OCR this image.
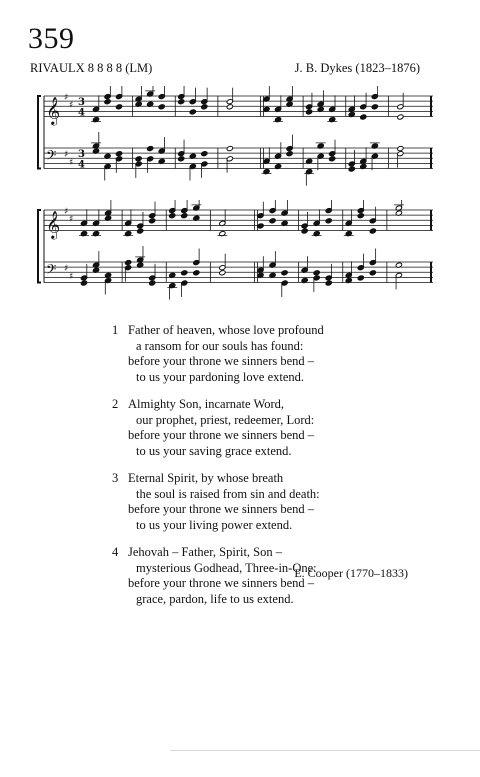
359
RIVAULX 8 8 8 8 (LM)	J. B. Dykes (1823–1876)
𝄞
𝄢
♯
♯
♯
♯
3
4
3
4
𝄞
𝄢
♯
♯
♯
♯
1 Father of heaven, whose love profound
a ransom for our souls has found:
before your throne we sinners bend –
to us your pardoning love extend.
2 Almighty Son, incarnate Word,
our prophet, priest, redeemer, Lord:
before your throne we sinners bend –
to us your saving grace extend.
3 Eternal Spirit, by whose breath
the soul is raised from sin and death:
before your throne we sinners bend –
to us your living power extend.
4 Jehovah – Father, Spirit, Son –
mysterious Godhead, Three-in-One:
before your throne we sinners bend –
grace, pardon, life to us extend.
E. Cooper (1770–1833)
